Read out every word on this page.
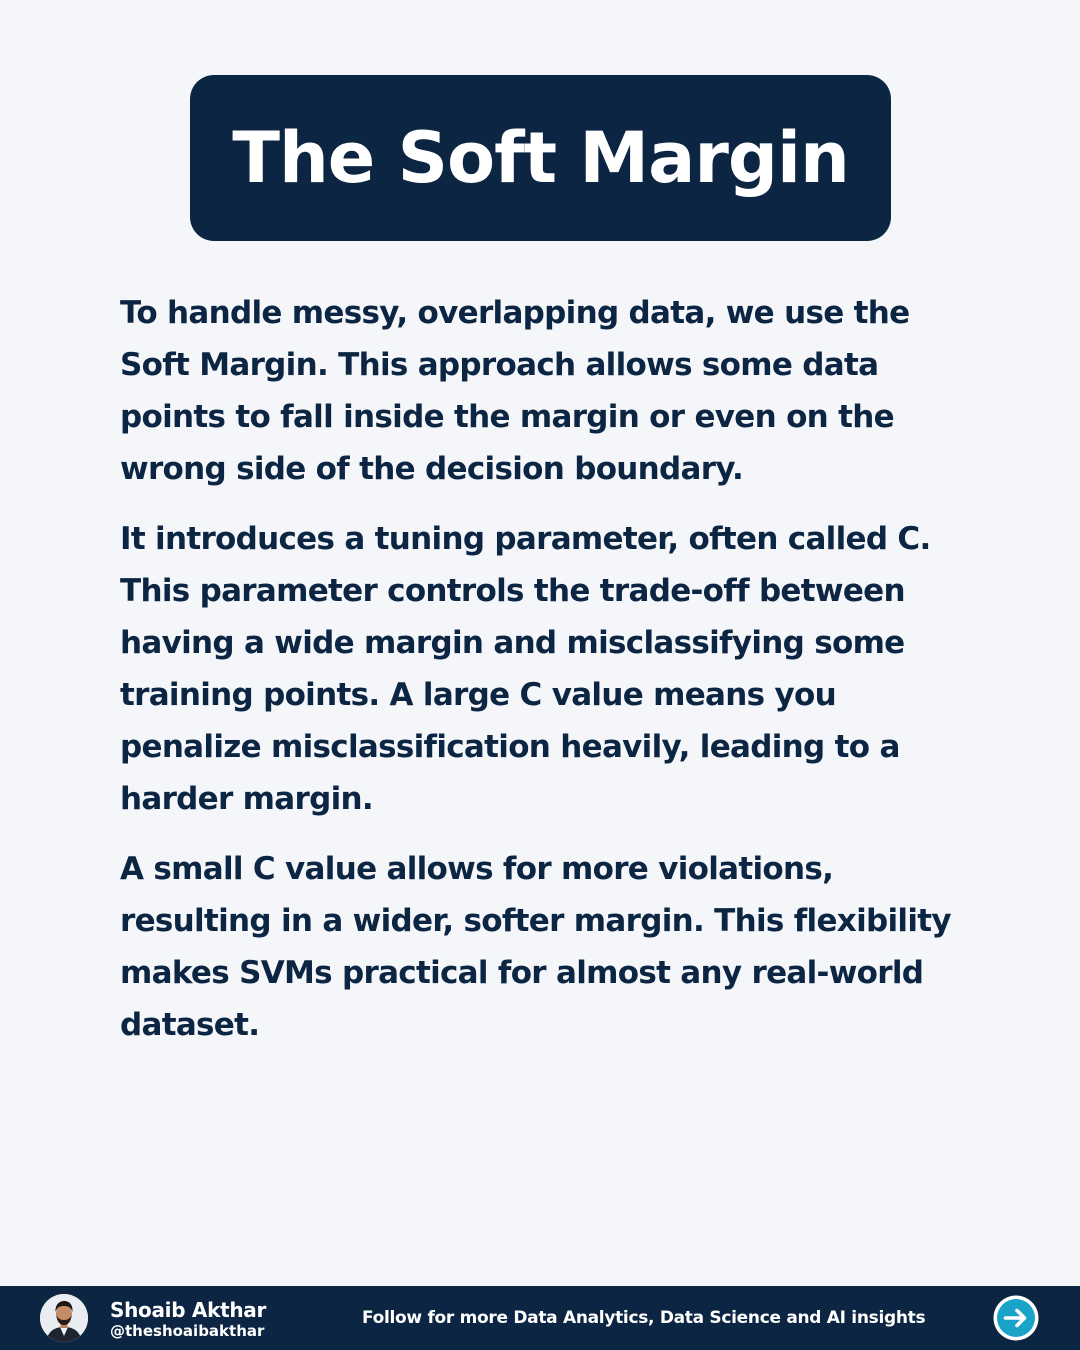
The Soft Margin

To handle messy, overlapping data, we use the Soft Margin. This approach allows some data points to fall inside the margin or even on the wrong side of the decision boundary.

It introduces a tuning parameter, often called C. This parameter controls the trade-off between having a wide margin and misclassifying some training points. A large C value means you penalize misclassification heavily, leading to a harder margin.

A small C value allows for more violations, resulting in a wider, softer margin. This flexibility makes SVMs practical for almost any real-world dataset.

Shoaib Akthar
@theshoaibakthar
Follow for more Data Analytics, Data Science and AI insights
